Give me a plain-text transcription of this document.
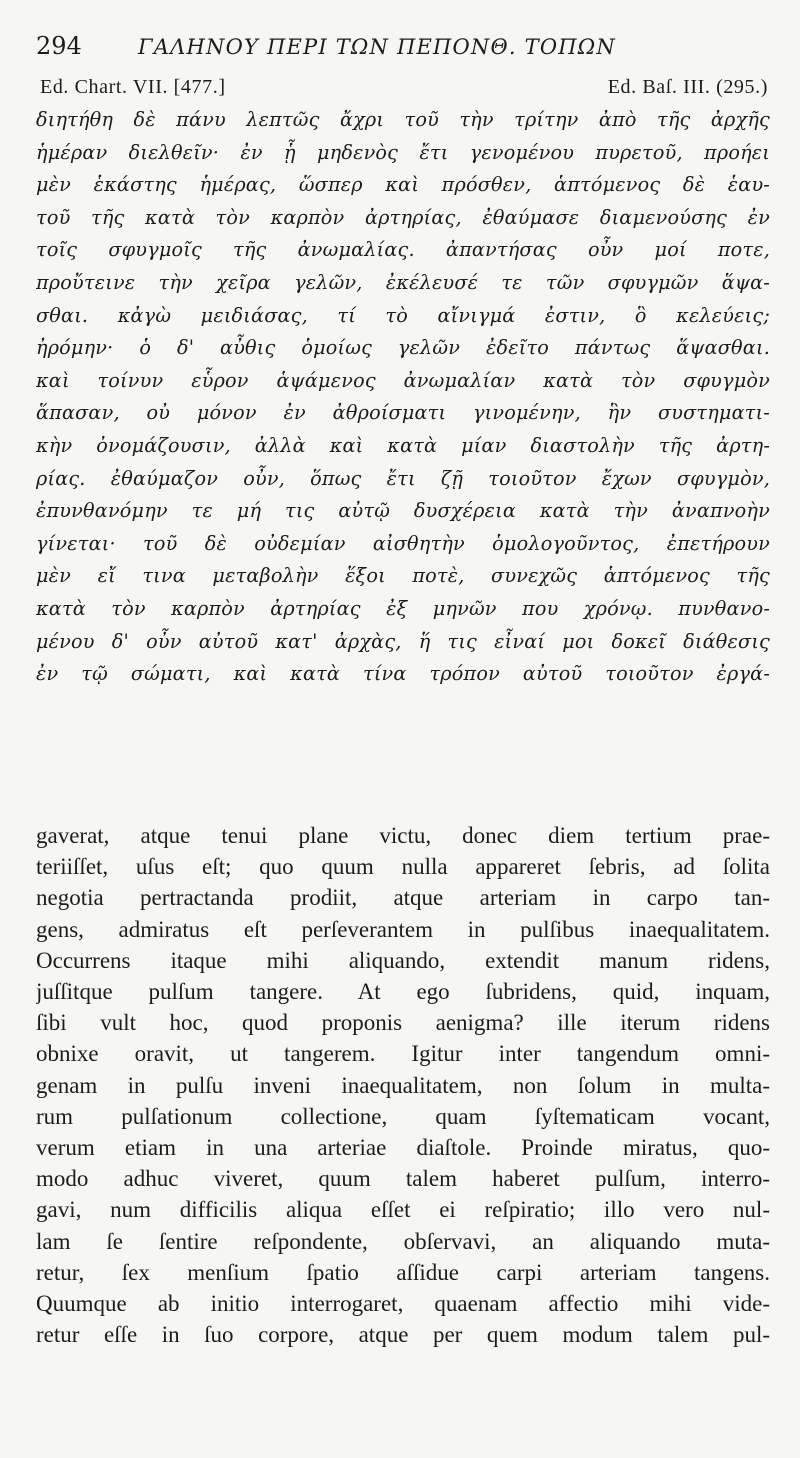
294	ΓΑΛΗΝΟΥ ΠΕΡΙ ΤΩΝ ΠΕΠΟΝΘ. ΤΟΠΩΝ
Ed. Chart. VII. [477.]	Ed. Baſ. III. (295.)
διητήθη δὲ πάνυ λεπτῶς ἄχρι τοῦ τὴν τρίτην ἀπὸ τῆς ἀρχῆς
ἡμέραν διελθεῖν· ἐν ᾗ μηδενὸς ἔτι γενομένου πυρετοῦ, προήει
μὲν ἑκάστης ἡμέρας, ὥσπερ καὶ πρόσθεν, ἁπτόμενος δὲ ἑαυ-
τοῦ τῆς κατὰ τὸν καρπὸν ἀρτηρίας, ἐθαύμασε διαμενούσης ἐν
τοῖς σφυγμοῖς τῆς ἀνωμαλίας. ἀπαντήσας οὖν μοί ποτε,
προὔτεινε τὴν χεῖρα γελῶν, ἐκέλευσέ τε τῶν σφυγμῶν ἅψα-
σθαι. κἀγὼ μειδιάσας, τί τὸ αἴνιγμά ἐστιν, ὃ κελεύεις;
ἠρόμην· ὁ δ' αὖθις ὁμοίως γελῶν ἐδεῖτο πάντως ἅψασθαι.
καὶ τοίνυν εὗρον ἁψάμενος ἀνωμαλίαν κατὰ τὸν σφυγμὸν
ἅπασαν, οὐ μόνον ἐν ἀθροίσματι γινομένην, ἣν συστηματι-
κὴν ὀνομάζουσιν, ἀλλὰ καὶ κατὰ μίαν διαστολὴν τῆς ἀρτη-
ρίας. ἐθαύμαζον οὖν, ὅπως ἔτι ζῇ τοιοῦτον ἔχων σφυγμὸν,
ἐπυνθανόμην τε μή τις αὐτῷ δυσχέρεια κατὰ τὴν ἀναπνοὴν
γίνεται· τοῦ δὲ οὐδεμίαν αἰσθητὴν ὁμολογοῦντος, ἐπετήρουν
μὲν εἴ τινα μεταβολὴν ἕξοι ποτὲ, συνεχῶς ἁπτόμενος τῆς
κατὰ τὸν καρπὸν ἀρτηρίας ἐξ μηνῶν που χρόνῳ. πυνθανο-
μένου δ' οὖν αὐτοῦ κατ' ἀρχὰς, ἥ τις εἶναί μοι δοκεῖ διάθεσις
ἐν τῷ σώματι, καὶ κατὰ τίνα τρόπον αὐτοῦ τοιοῦτον ἐργά-
gaverat, atque tenui plane victu, donec diem tertium prae-
teriiſſet, uſus eſt; quo quum nulla appareret ſebris, ad ſolita
negotia pertractanda prodiit, atque arteriam in carpo tan-
gens, admiratus eſt perſeverantem in pulſibus inaequalitatem.
Occurrens itaque mihi aliquando, extendit manum ridens,
juſſitque pulſum tangere. At ego ſubridens, quid, inquam,
ſibi vult hoc, quod proponis aenigma? ille iterum ridens
obnixe oravit, ut tangerem. Igitur inter tangendum omni-
genam in pulſu inveni inaequalitatem, non ſolum in multa-
rum pulſationum collectione, quam ſyſtematicam vocant,
verum etiam in una arteriae diaſtole. Proinde miratus, quo-
modo adhuc viveret, quum talem haberet pulſum, interro-
gavi, num difficilis aliqua eſſet ei reſpiratio; illo vero nul-
lam ſe ſentire reſpondente, obſervavi, an aliquando muta-
retur, ſex menſium ſpatio aſſidue carpi arteriam tangens.
Quumque ab initio interrogaret, quaenam affectio mihi vide-
retur eſſe in ſuo corpore, atque per quem modum talem pul-
